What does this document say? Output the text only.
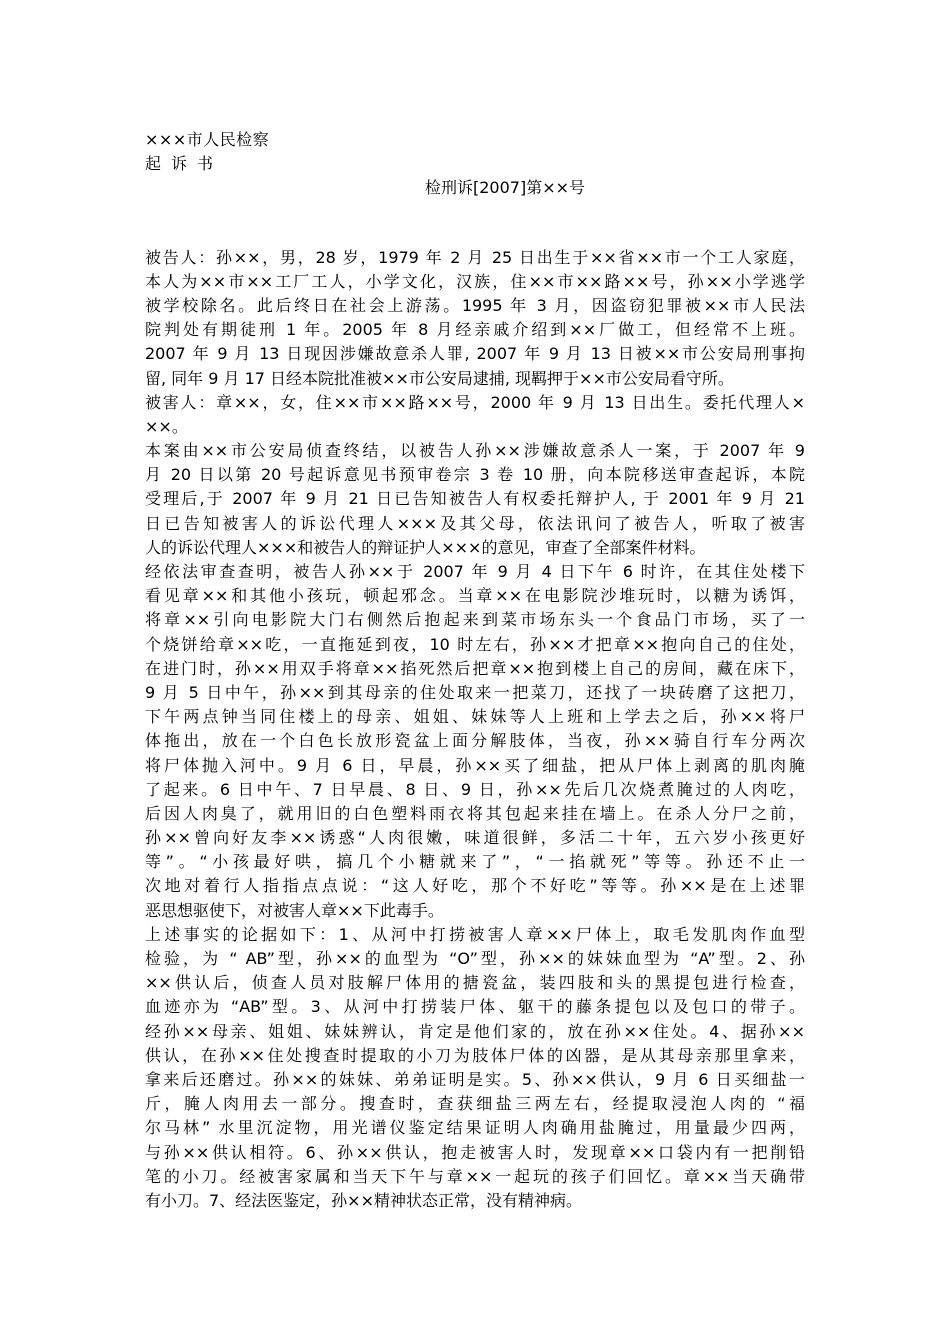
×××市人民检察
起诉书
检刑诉[2007]第××号
被告人：孙××，男，28 岁，1979 年 2 月 25 日出生于××省××市一个工人家庭，
本人为××市××工厂工人，小学文化，汉族，住××市××路××号，孙××小学逃学
被学校除名。此后终日在社会上游荡。1995 年 3 月，因盗窃犯罪被××市人民法
院判处有期徒刑 1 年。2005 年 8 月经亲戚介绍到××厂做工，但经常不上班。
2007 年 9 月 13 日现因涉嫌故意杀人罪, 2007 年 9 月 13 日被××市公安局刑事拘
留, 同年 9 月 17 日经本院批准被××市公安局逮捕, 现羁押于××市公安局看守所。
被害人：章××，女，住××市××路××号，2000 年 9 月 13 日出生。委托代理人×
××。
本案由××市公安局侦查终结，以被告人孙××涉嫌故意杀人一案，于 2007 年 9
月 20 日以第 20 号起诉意见书预审卷宗 3 卷 10 册，向本院移送审查起诉，本院
受理后,于 2007 年 9 月 21 日已告知被告人有权委托辩护人, 于 2001 年 9 月 21
日已告知被害人的诉讼代理人×××及其父母，依法讯问了被告人，听取了被害
人的诉讼代理人×××和被告人的辩证护人×××的意见，审查了全部案件材料。
经依法审查查明，被告人孙××于 2007 年 9 月 4 日下午 6 时许，在其住处楼下
看见章××和其他小孩玩，顿起邪念。当章××在电影院沙堆玩时，以糖为诱饵，
将章××引向电影院大门右侧然后抱起来到菜市场东头一个食品门市场，买了一
个烧饼给章××吃，一直拖延到夜，10 时左右，孙××才把章××抱向自己的住处，
在进门时，孙××用双手将章××掐死然后把章××抱到楼上自己的房间，藏在床下，
9 月 5 日中午，孙××到其母亲的住处取来一把菜刀，还找了一块砖磨了这把刀，
下午两点钟当同住楼上的母亲、姐姐、妹妹等人上班和上学去之后，孙××将尸
体拖出，放在一个白色长放形瓷盆上面分解肢体，当夜，孙××骑自行车分两次
将尸体抛入河中。9 月 6 日，早晨，孙××买了细盐，把从尸体上剥离的肌肉腌
了起来。6 日中午、7 日早晨、8 日、9 日，孙××先后几次烧煮腌过的人肉吃，
后因人肉臭了，就用旧的白色塑料雨衣将其包起来挂在墙上。在杀人分尸之前，
孙××曾向好友李××诱惑“人肉很嫩，味道很鲜，多活二十年，五六岁小孩更好
等”。“小孩最好哄，搞几个小糖就来了”，“一掐就死”等等。孙还不止一
次地对着行人指指点点说：“这人好吃，那个不好吃”等等。孙××是在上述罪
恶思想驱使下，对被害人章××下此毒手。
上述事实的论据如下：1、从河中打捞被害人章××尸体上，取毛发肌肉作血型
检验，为 “ AB”型，孙××的血型为 “O”型，孙××的妹妹血型为 “A”型。2、孙
××供认后，侦查人员对肢解尸体用的搪瓷盆，装四肢和头的黑提包进行检查，
血迹亦为 “AB”型。3、从河中打捞装尸体、躯干的藤条提包以及包口的带子。
经孙××母亲、姐姐、妹妹辨认，肯定是他们家的，放在孙××住处。4、据孙××
供认，在孙××住处搜查时提取的小刀为肢体尸体的凶器，是从其母亲那里拿来，
拿来后还磨过。孙××的妹妹、弟弟证明是实。5、孙××供认，9 月 6 日买细盐一
斤，腌人肉用去一部分。搜查时，查获细盐三两左右，经提取浸泡人肉的 “福
尔马林” 水里沉淀物，用光谱仪鉴定结果证明人肉确用盐腌过，用量最少四两，
与孙××供认相符。6、孙××供认，抱走被害人时，发现章××口袋内有一把削铅
笔的小刀。经被害家属和当天下午与章××一起玩的孩子们回忆。章××当天确带
有小刀。7、经法医鉴定，孙××精神状态正常，没有精神病。
